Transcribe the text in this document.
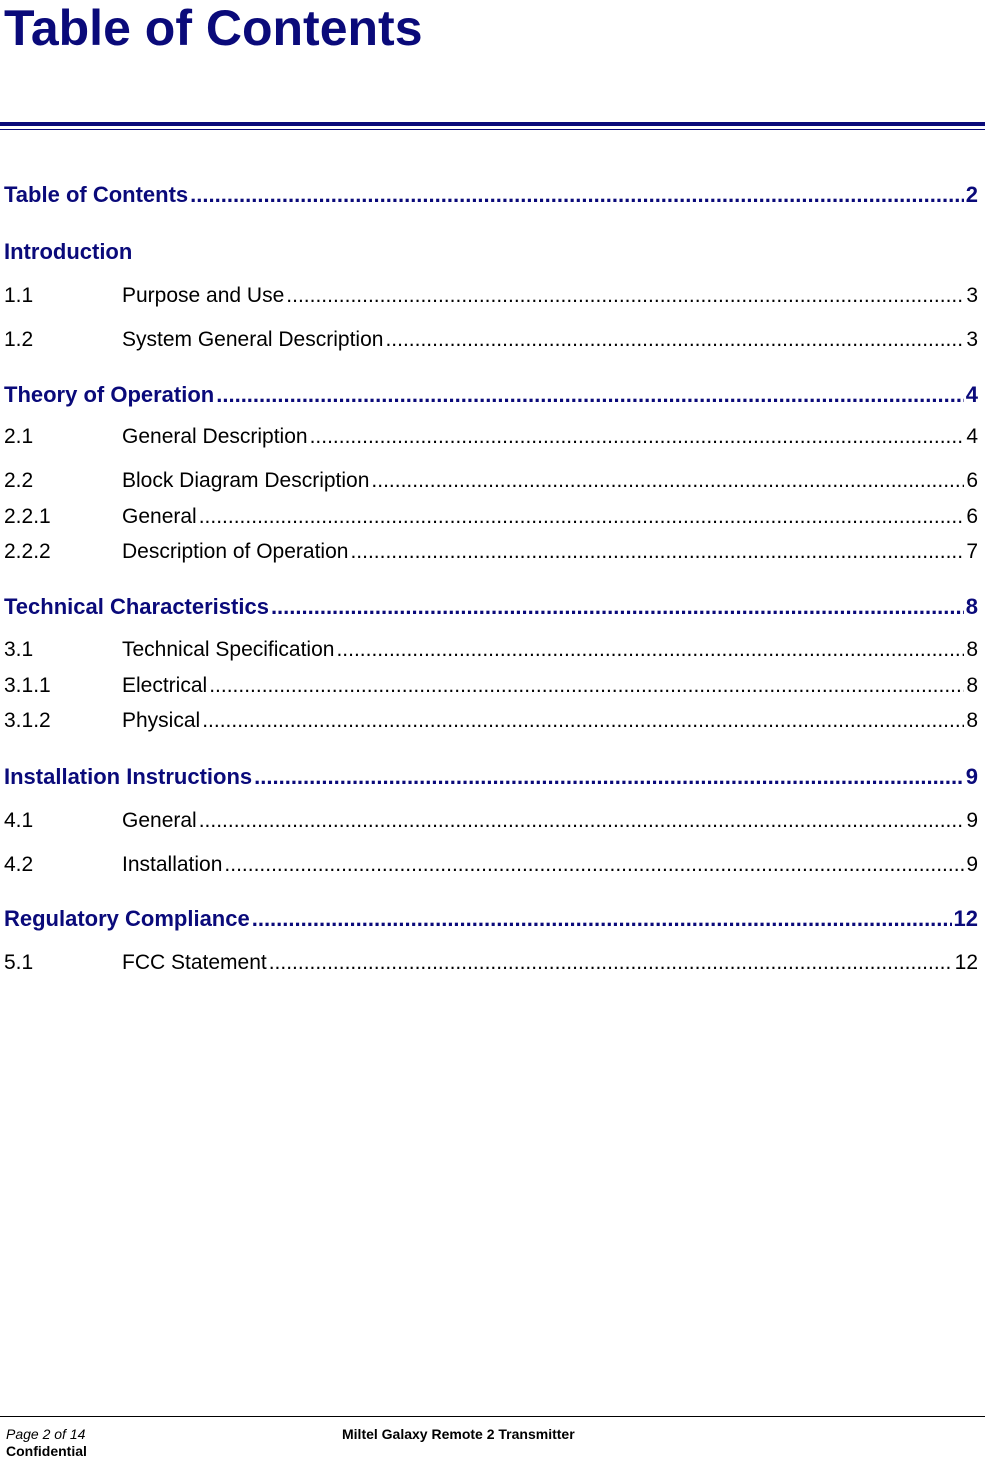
Table of Contents
Table of Contents .....	2
Introduction
1.1	Purpose and Use .....	3
1.2	System General Description .....	3
Theory of Operation .....	4
2.1	General Description .....	4
2.2	Block Diagram Description .....	6
2.2.1	General .....	6
2.2.2	Description of Operation .....	7
Technical Characteristics .....	8
3.1	Technical Specification .....	8
3.1.1	Electrical .....	8
3.1.2	Physical .....	8
Installation Instructions .....	9
4.1	General .....	9
4.2	Installation .....	9
Regulatory Compliance .....	12
5.1	FCC Statement .....	12
Page 2 of 14	Miltel Galaxy Remote 2 Transmitter
Confidential
